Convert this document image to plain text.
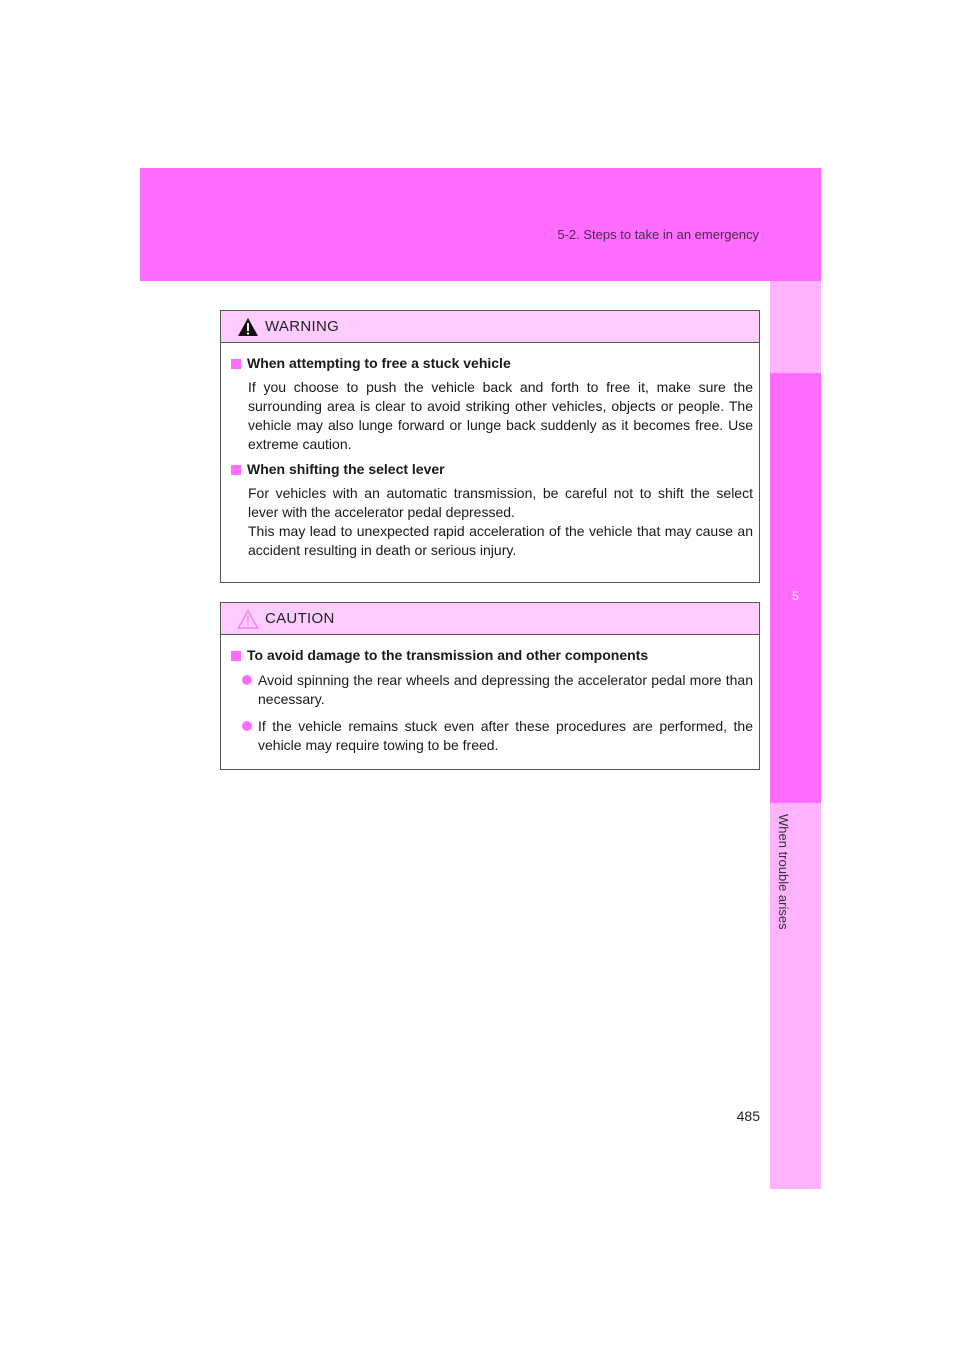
5-2. Steps to take in an emergency
5
When trouble arises
WARNING
When attempting to free a stuck vehicle

If you choose to push the vehicle back and forth to free it, make sure the surrounding area is clear to avoid striking other vehicles, objects or people. The vehicle may also lunge forward or lunge back suddenly as it becomes free. Use extreme caution.

When shifting the select lever

For vehicles with an automatic transmission, be careful not to shift the select lever with the accelerator pedal depressed.

This may lead to unexpected rapid acceleration of the vehicle that may cause an accident resulting in death or serious injury.

CAUTION
To avoid damage to the transmission and other components
Avoid spinning the rear wheels and depressing the accelerator pedal more than necessary.
If the vehicle remains stuck even after these procedures are performed, the vehicle may require towing to be freed.
485
